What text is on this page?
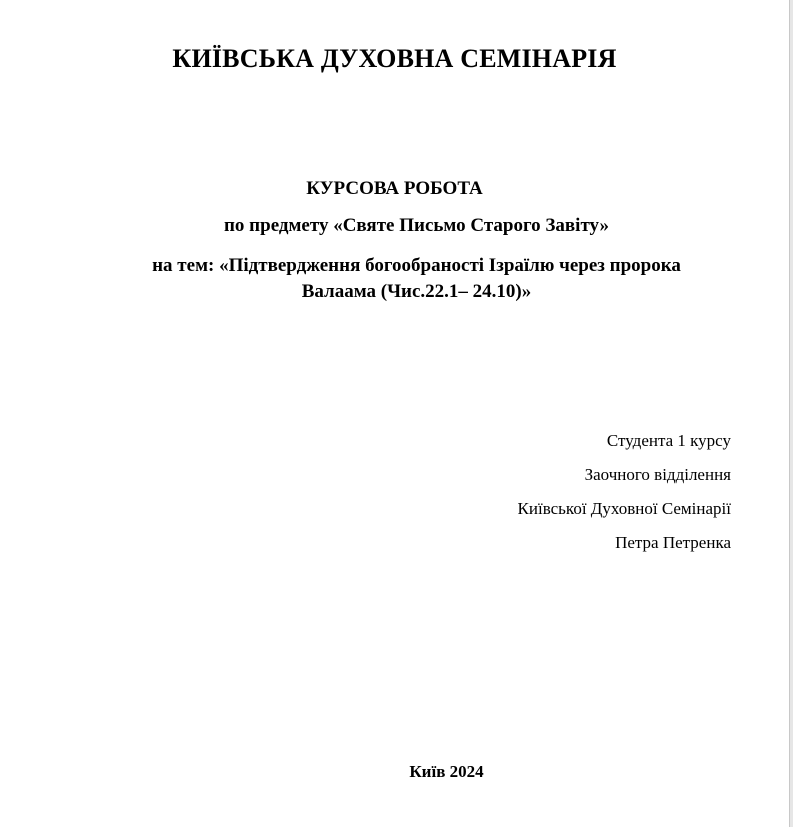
КИЇВСЬКА ДУХОВНА СЕМІНАРІЯ
КУРСОВА РОБОТА
по предмету «Святе Письмо Старого Завіту»
на тем: «Підтвердження богообраності Ізраїлю через пророка
Валаама (Чис.22.1– 24.10)»
Студента 1 курсу
Заочного відділення
Київської Духовної Семінарії
Петра Петренка
Київ 2024
